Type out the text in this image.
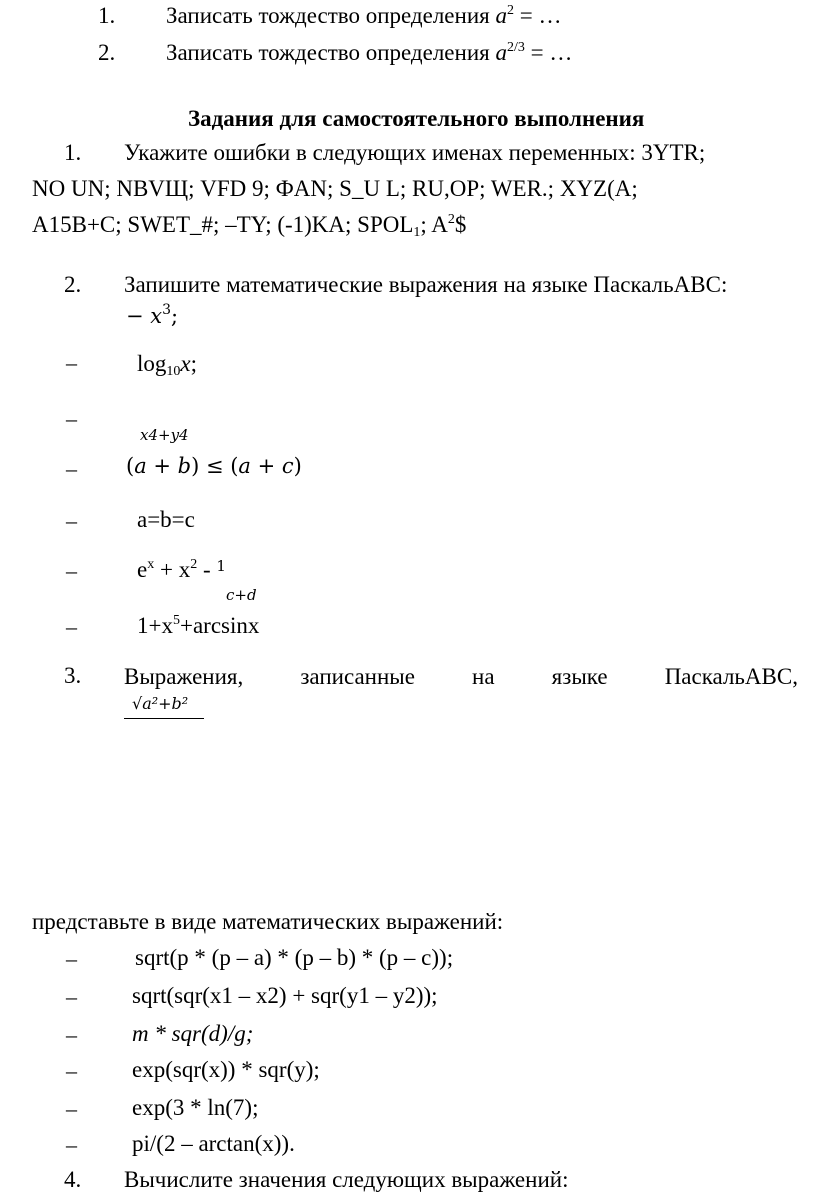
1. Записать тождество определения $a^2$ = …
2. Записать тождество определения $a^{2/3}$ = …
Задания для самостоятельного выполнения
1. Укажите ошибки в следующих именах переменных: 3YTR;
NO UN; NBVЩ; VFD 9; ФAN; S_U L; RU,OP; WER.; XYZ(A;
A15B+C; SWET_#; –TY; (-1)KA; $SPOL_1$; $A^2\$$
2. Запишите математические выражения на языке ПаскальABC:
− 𝑥$^3$;
–	$\log_{10}x$;
–
𝑥4+𝑦4
– (𝑎 + 𝑏) ≤ (𝑎 + 𝑐)
–	a=b=c
–	$e^x + x^2 - ^1$
𝑐+𝑑
–	$1+x^5+\arcsin x$
3. Выражения, записанные на языке ПаскальABC,
√𝑎²+𝑏²
представьте в виде математических выражений:
–	sqrt(p * (p – a) * (p – b) * (p – c));
– sqrt(sqr(x1 – x2) + sqr(y1 – y2));
– m * sqr(d)/g;
– exp(sqr(x)) * sqr(y);
– exp(3 * ln(7);
– pi/(2 – arctan(x)).
4. Вычислите значения следующих выражений:
